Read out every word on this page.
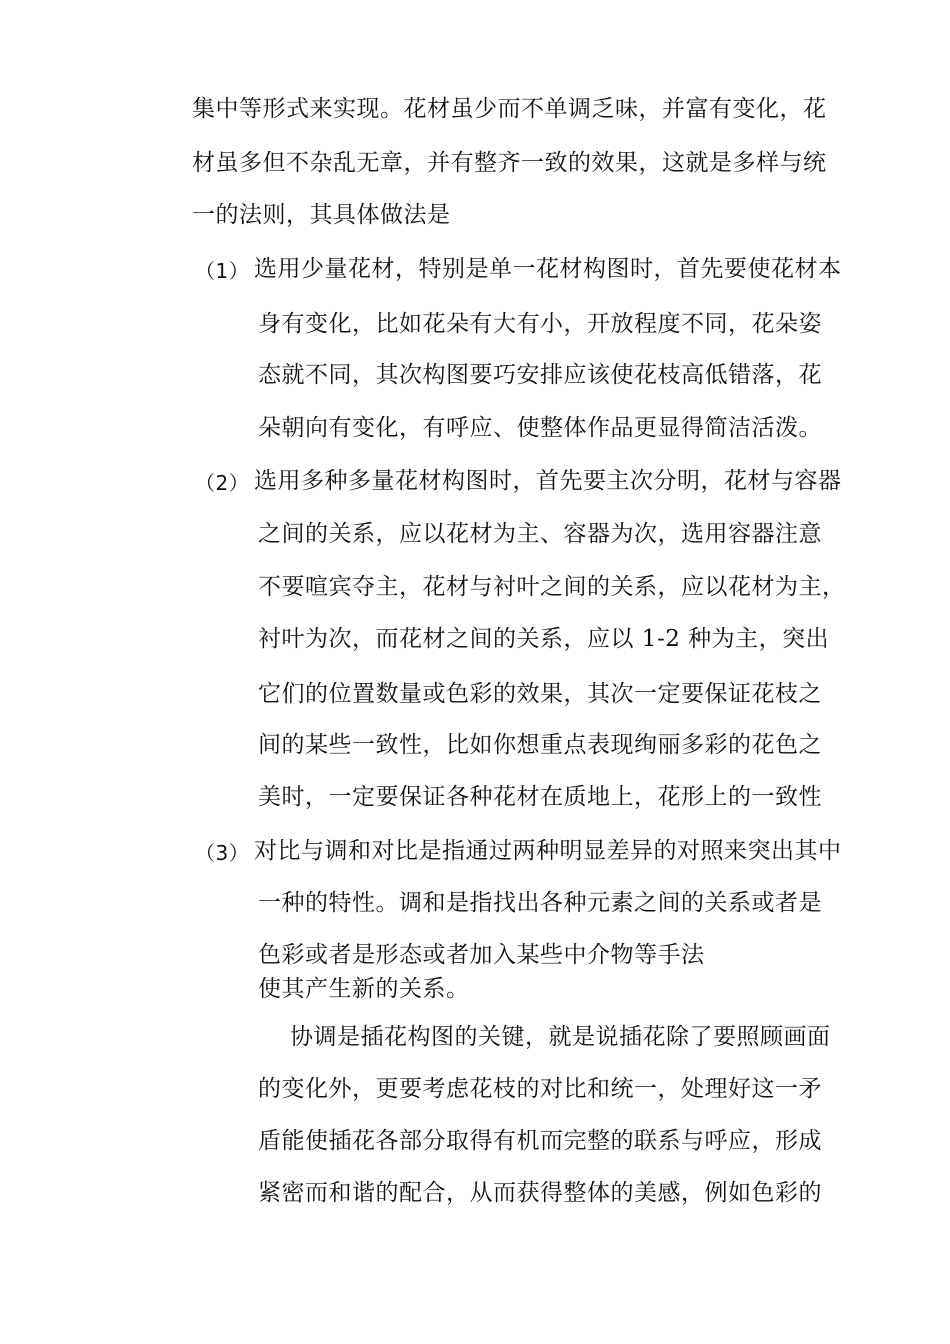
集中等形式来实现。花材虽少而不单调乏味，并富有变化，花
材虽多但不杂乱无章，并有整齐一致的效果，这就是多样与统
一的法则，其具体做法是
（1） 选用少量花材，特别是单一花材构图时，首先要使花材本
身有变化，比如花朵有大有小，开放程度不同，花朵姿
态就不同，其次构图要巧安排应该使花枝高低错落，花
朵朝向有变化，有呼应、使整体作品更显得简洁活泼。
（2） 选用多种多量花材构图时，首先要主次分明，花材与容器
之间的关系，应以花材为主、容器为次，选用容器注意
不要喧宾夺主，花材与衬叶之间的关系，应以花材为主，
衬叶为次，而花材之间的关系，应以 1-2 种为主，突出
它们的位置数量或色彩的效果，其次一定要保证花枝之
间的某些一致性，比如你想重点表现绚丽多彩的花色之
美时，一定要保证各种花材在质地上，花形上的一致性
（3） 对比与调和对比是指通过两种明显差异的对照来突出其中
一种的特性。调和是指找出各种元素之间的关系或者是
色彩或者是形态或者加入某些中介物等手法
使其产生新的关系。
协调是插花构图的关键，就是说插花除了要照顾画面
的变化外，更要考虑花枝的对比和统一，处理好这一矛
盾能使插花各部分取得有机而完整的联系与呼应，形成
紧密而和谐的配合，从而获得整体的美感，例如色彩的
